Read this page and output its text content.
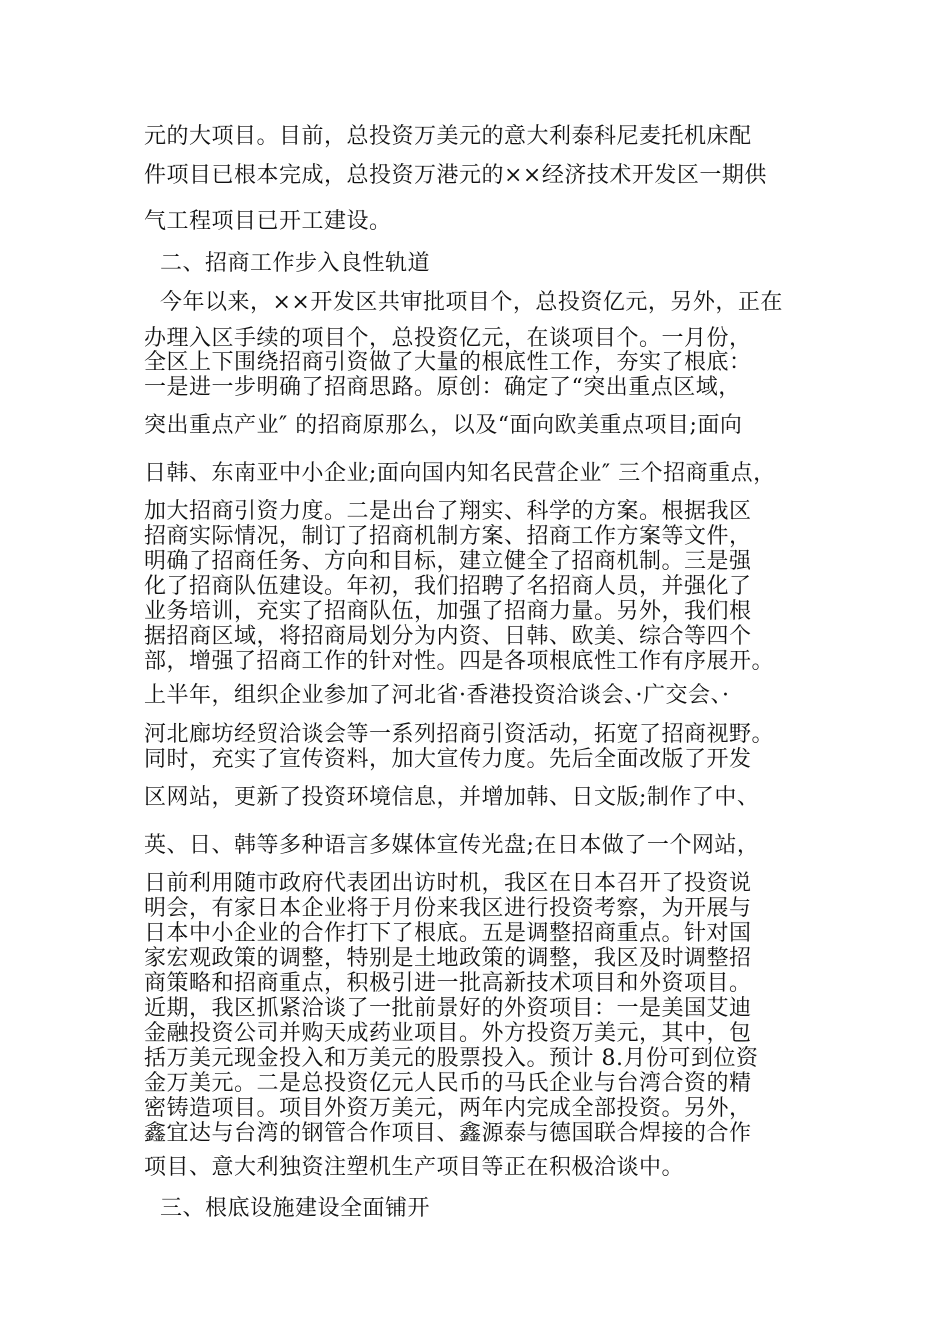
元的大项目。目前，总投资万美元的意大利泰科尼麦托机床配
件项目已根本完成，总投资万港元的××经济技术开发区一期供
气工程项目已开工建设。
二、招商工作步入良性轨道
今年以来，××开发区共审批项目个，总投资亿元，另外，正在
办理入区手续的项目个，总投资亿元，在谈项目个。一月份，
全区上下围绕招商引资做了大量的根底性工作，夯实了根底：
一是进一步明确了招商思路。原创：确定了“突出重点区域，
突出重点产业″ 的招商原那么，以及“面向欧美重点项目;面向
日韩、东南亚中小企业;面向国内知名民营企业″ 三个招商重点，
加大招商引资力度。二是出台了翔实、科学的方案。根据我区
招商实际情况，制订了招商机制方案、招商工作方案等文件，
明确了招商任务、方向和目标，建立健全了招商机制。三是强
化了招商队伍建设。年初，我们招聘了名招商人员，并强化了
业务培训，充实了招商队伍，加强了招商力量。另外，我们根
据招商区域，将招商局划分为内资、日韩、欧美、综合等四个
部，增强了招商工作的针对性。四是各项根底性工作有序展开。
上半年，组织企业参加了河北省·香港投资洽谈会、·广交会、·
河北廊坊经贸洽谈会等一系列招商引资活动，拓宽了招商视野。
同时，充实了宣传资料，加大宣传力度。先后全面改版了开发
区网站，更新了投资环境信息，并增加韩、日文版;制作了中、
英、日、韩等多种语言多媒体宣传光盘;在日本做了一个网站，
日前利用随市政府代表团出访时机，我区在日本召开了投资说
明会，有家日本企业将于月份来我区进行投资考察，为开展与
日本中小企业的合作打下了根底。五是调整招商重点。针对国
家宏观政策的调整，特别是土地政策的调整，我区及时调整招
商策略和招商重点，积极引进一批高新技术项目和外资项目。
近期，我区抓紧洽谈了一批前景好的外资项目：一是美国艾迪
金融投资公司并购天成药业项目。外方投资万美元，其中，包
括万美元现金投入和万美元的股票投入。预计 8.月份可到位资
金万美元。二是总投资亿元人民币的马氏企业与台湾合资的精
密铸造项目。项目外资万美元，两年内完成全部投资。另外，
鑫宜达与台湾的钢管合作项目、鑫源泰与德国联合焊接的合作
项目、意大利独资注塑机生产项目等正在积极洽谈中。
三、根底设施建设全面铺开
